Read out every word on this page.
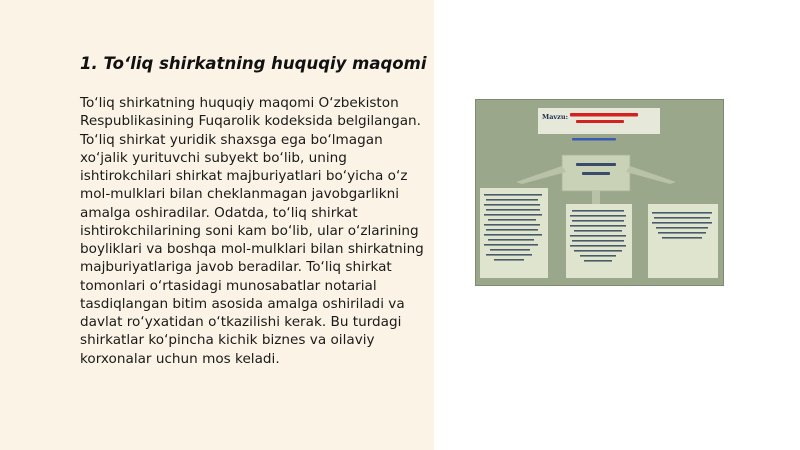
1. To‘liq shirkatning huquqiy maqomi

To‘liq shirkatning huquqiy maqomi O‘zbekiston Respublikasining Fuqarolik kodeksida belgilangan. To‘liq shirkat yuridik shaxsga ega bo‘lmagan xo‘jalik yurituvchi subyekt bo‘lib, uning ishtirokchilari shirkat majburiyatlari bo‘yicha o‘z mol-mulklari bilan cheklanmagan javobgarlikni amalga oshiradilar. Odatda, to‘liq shirkat ishtirokchilarining soni kam bo‘lib, ular o‘zlarining boyliklari va boshqa mol-mulklari bilan shirkatning majburiyatlariga javob beradilar. To‘liq shirkat tomonlari o‘rtasidagi munosabatlar notarial tasdiqlangan bitim asosida amalga oshiriladi va davlat ro‘yxatidan o‘tkazilishi kerak. Bu turdagi shirkatlar ko‘pincha kichik biznes va oilaviy korxonalar uchun mos keladi.

Mavzu:
